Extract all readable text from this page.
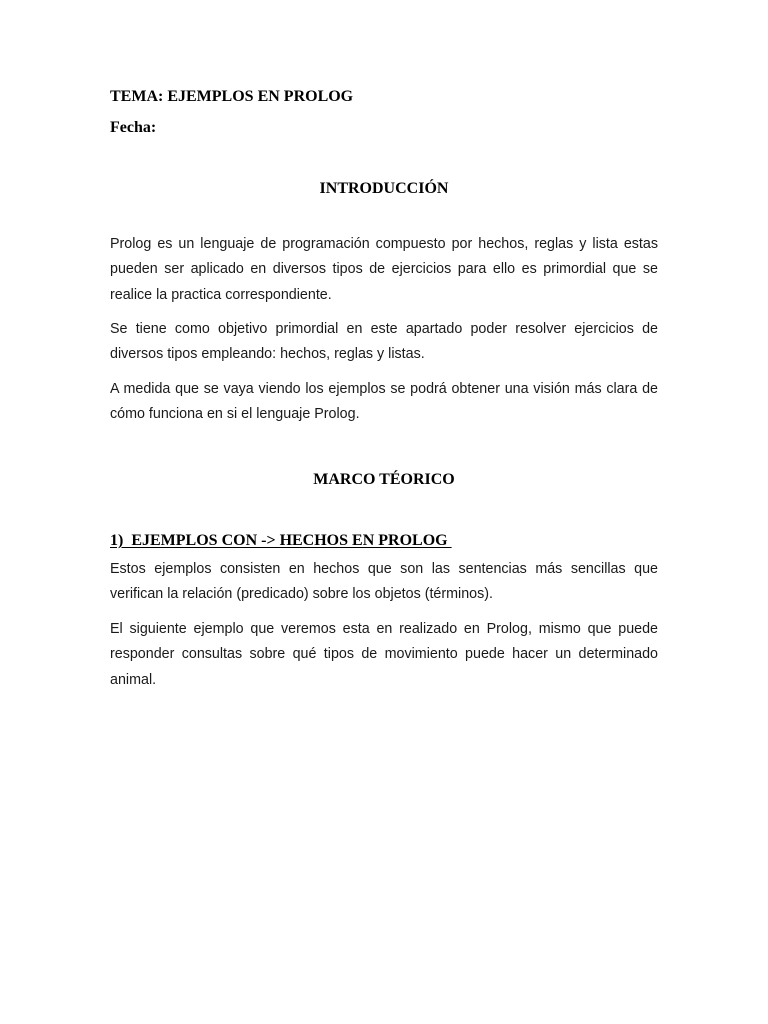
TEMA: EJEMPLOS EN PROLOG
Fecha:
INTRODUCCIÓN

Prolog es un lenguaje de programación compuesto por hechos, reglas y lista estas pueden ser aplicado en diversos tipos de ejercicios para ello es primordial que se realice la practica correspondiente.

Se tiene como objetivo primordial en este apartado poder resolver ejercicios de diversos tipos empleando: hechos, reglas y listas.

A medida que se vaya viendo los ejemplos se podrá obtener una visión más clara de cómo funciona en si el lenguaje Prolog.

MARCO TÉORICO
1)  EJEMPLOS CON -> HECHOS EN PROLOG

Estos ejemplos consisten en hechos que son las sentencias más sencillas que verifican la relación (predicado) sobre los objetos (términos).

El siguiente ejemplo que veremos esta en realizado en Prolog, mismo que puede responder consultas sobre qué tipos de movimiento puede hacer un determinado animal.
